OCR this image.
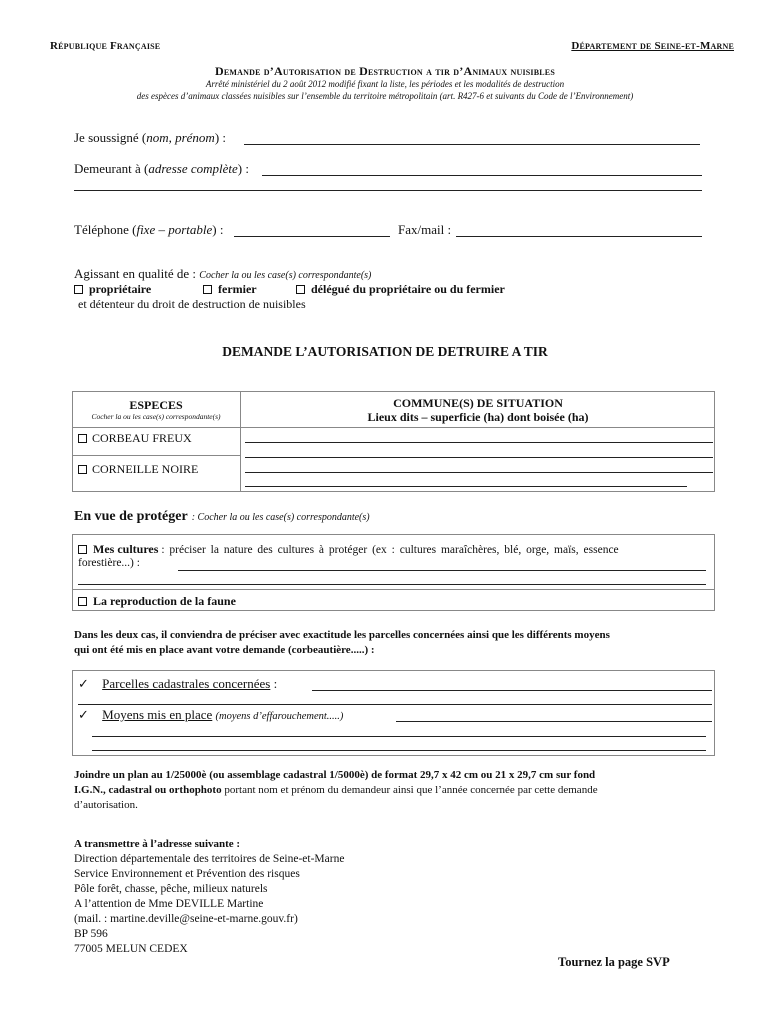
République Française	Département de Seine-et-Marne
Demande d’Autorisation de Destruction a tir d’Animaux nuisibles
Arrêté ministériel du 2 août 2012 modifié fixant la liste, les périodes et les modalités de destruction
des espèces d’animaux classées nuisibles sur l’ensemble du territoire métropolitain (art. R427-6 et suivants du Code de l’Environnement)
Je soussigné (nom, prénom) :
Demeurant à (adresse complète) :
Téléphone (fixe – portable) :	Fax/mail :
Agissant en qualité de : Cocher la ou les case(s) correspondante(s)
propriétaire	fermier	délégué du propriétaire ou du fermier
et détenteur du droit de destruction de nuisibles
DEMANDE L’AUTORISATION DE DETRUIRE A TIR
ESPECES
Cocher la ou les case(s) correspondante(s)
COMMUNE(S) DE SITUATION
Lieux dits – superficie (ha) dont boisée (ha)
CORBEAU FREUX
CORNEILLE NOIRE
En vue de protéger : Cocher la ou les case(s) correspondante(s)
Mes cultures : préciser la nature des cultures à protéger (ex : cultures maraîchères, blé, orge, maïs, essence
forestière...) :
La reproduction de la faune
Dans les deux cas, il conviendra de préciser avec exactitude les parcelles concernées ainsi que les différents moyens
qui ont été mis en place avant votre demande (corbeautière.....) :
✓ Parcelles cadastrales concernées :
✓ Moyens mis en place (moyens d’effarouchement.....)
Joindre un plan au 1/25000è (ou assemblage cadastral 1/5000è) de format 29,7 x 42 cm ou 21 x 29,7 cm sur fond
I.G.N., cadastral ou orthophoto portant nom et prénom du demandeur ainsi que l’année concernée par cette demande
d’autorisation.
A transmettre à l’adresse suivante :
Direction départementale des territoires de Seine-et-Marne
Service Environnement et Prévention des risques
Pôle forêt, chasse, pêche, milieux naturels
A l’attention de Mme DEVILLE Martine
(mail. : martine.deville@seine-et-marne.gouv.fr)
BP 596
77005 MELUN CEDEX
Tournez la page SVP
